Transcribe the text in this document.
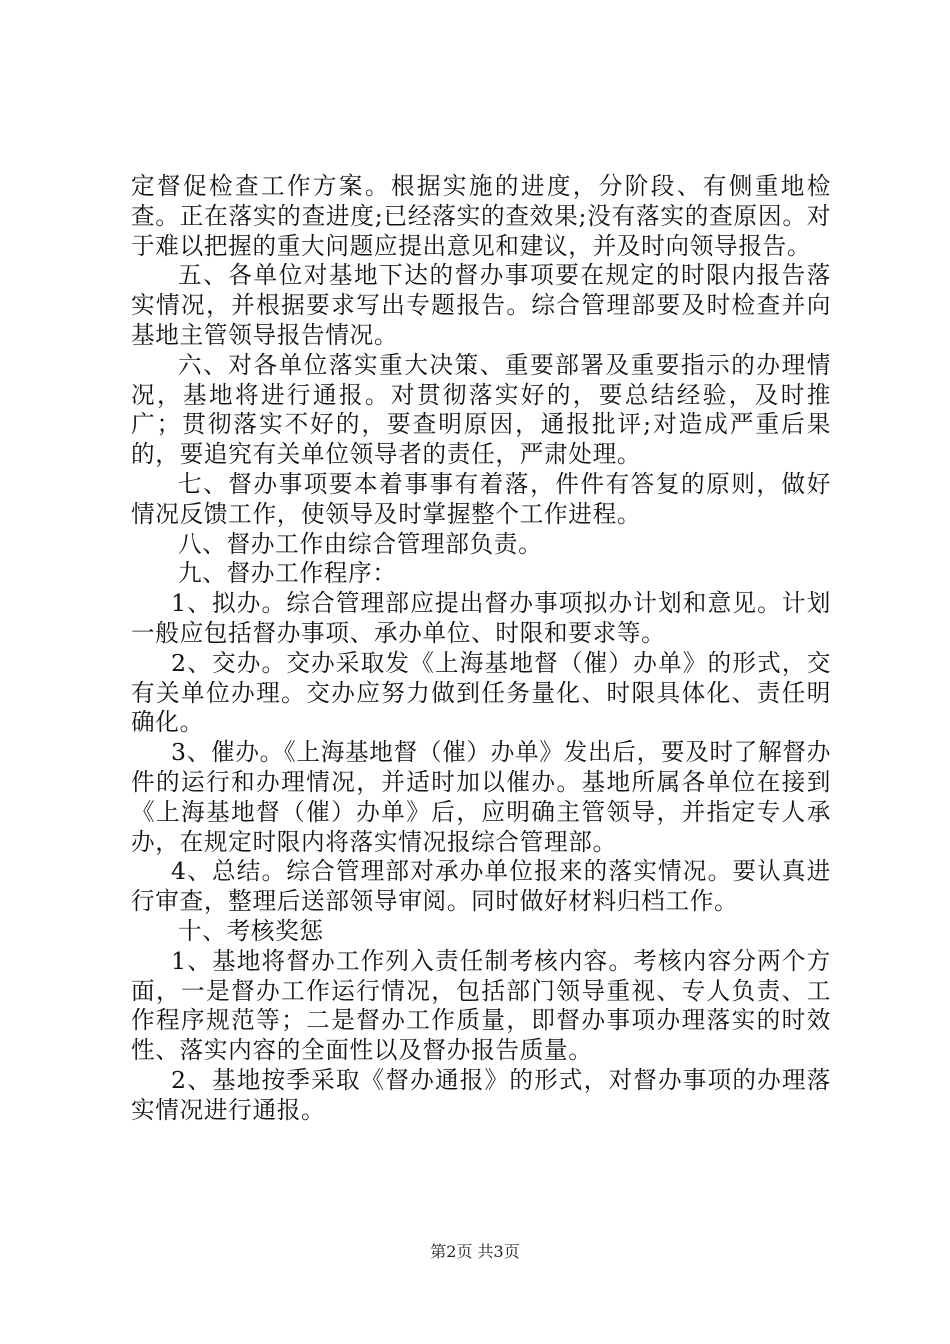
定督促检查工作方案。根据实施的进度，分阶段、有侧重地检查。正在落实的查进度;已经落实的查效果;没有落实的查原因。对于难以把握的重大问题应提出意见和建议，并及时向领导报告。

五、各单位对基地下达的督办事项要在规定的时限内报告落实情况，并根据要求写出专题报告。综合管理部要及时检查并向基地主管领导报告情况。

六、对各单位落实重大决策、重要部署及重要指示的办理情况，基地将进行通报。对贯彻落实好的，要总结经验，及时推广；贯彻落实不好的，要查明原因，通报批评;对造成严重后果的，要追究有关单位领导者的责任，严肃处理。

七、督办事项要本着事事有着落，件件有答复的原则，做好情况反馈工作，使领导及时掌握整个工作进程。

八、督办工作由综合管理部负责。

九、督办工作程序：

1、拟办。综合管理部应提出督办事项拟办计划和意见。计划一般应包括督办事项、承办单位、时限和要求等。

2、交办。交办采取发《上海基地督（催）办单》的形式，交有关单位办理。交办应努力做到任务量化、时限具体化、责任明确化。

3、催办。《上海基地督（催）办单》发出后，要及时了解督办件的运行和办理情况，并适时加以催办。基地所属各单位在接到《上海基地督（催）办单》后，应明确主管领导，并指定专人承办，在规定时限内将落实情况报综合管理部。

4、总结。综合管理部对承办单位报来的落实情况。要认真进行审查，整理后送部领导审阅。同时做好材料归档工作。

十、考核奖惩

1、基地将督办工作列入责任制考核内容。考核内容分两个方面，一是督办工作运行情况，包括部门领导重视、专人负责、工作程序规范等；二是督办工作质量，即督办事项办理落实的时效性、落实内容的全面性以及督办报告质量。

2、基地按季采取《督办通报》的形式，对督办事项的办理落实情况进行通报。

第2页 共3页
